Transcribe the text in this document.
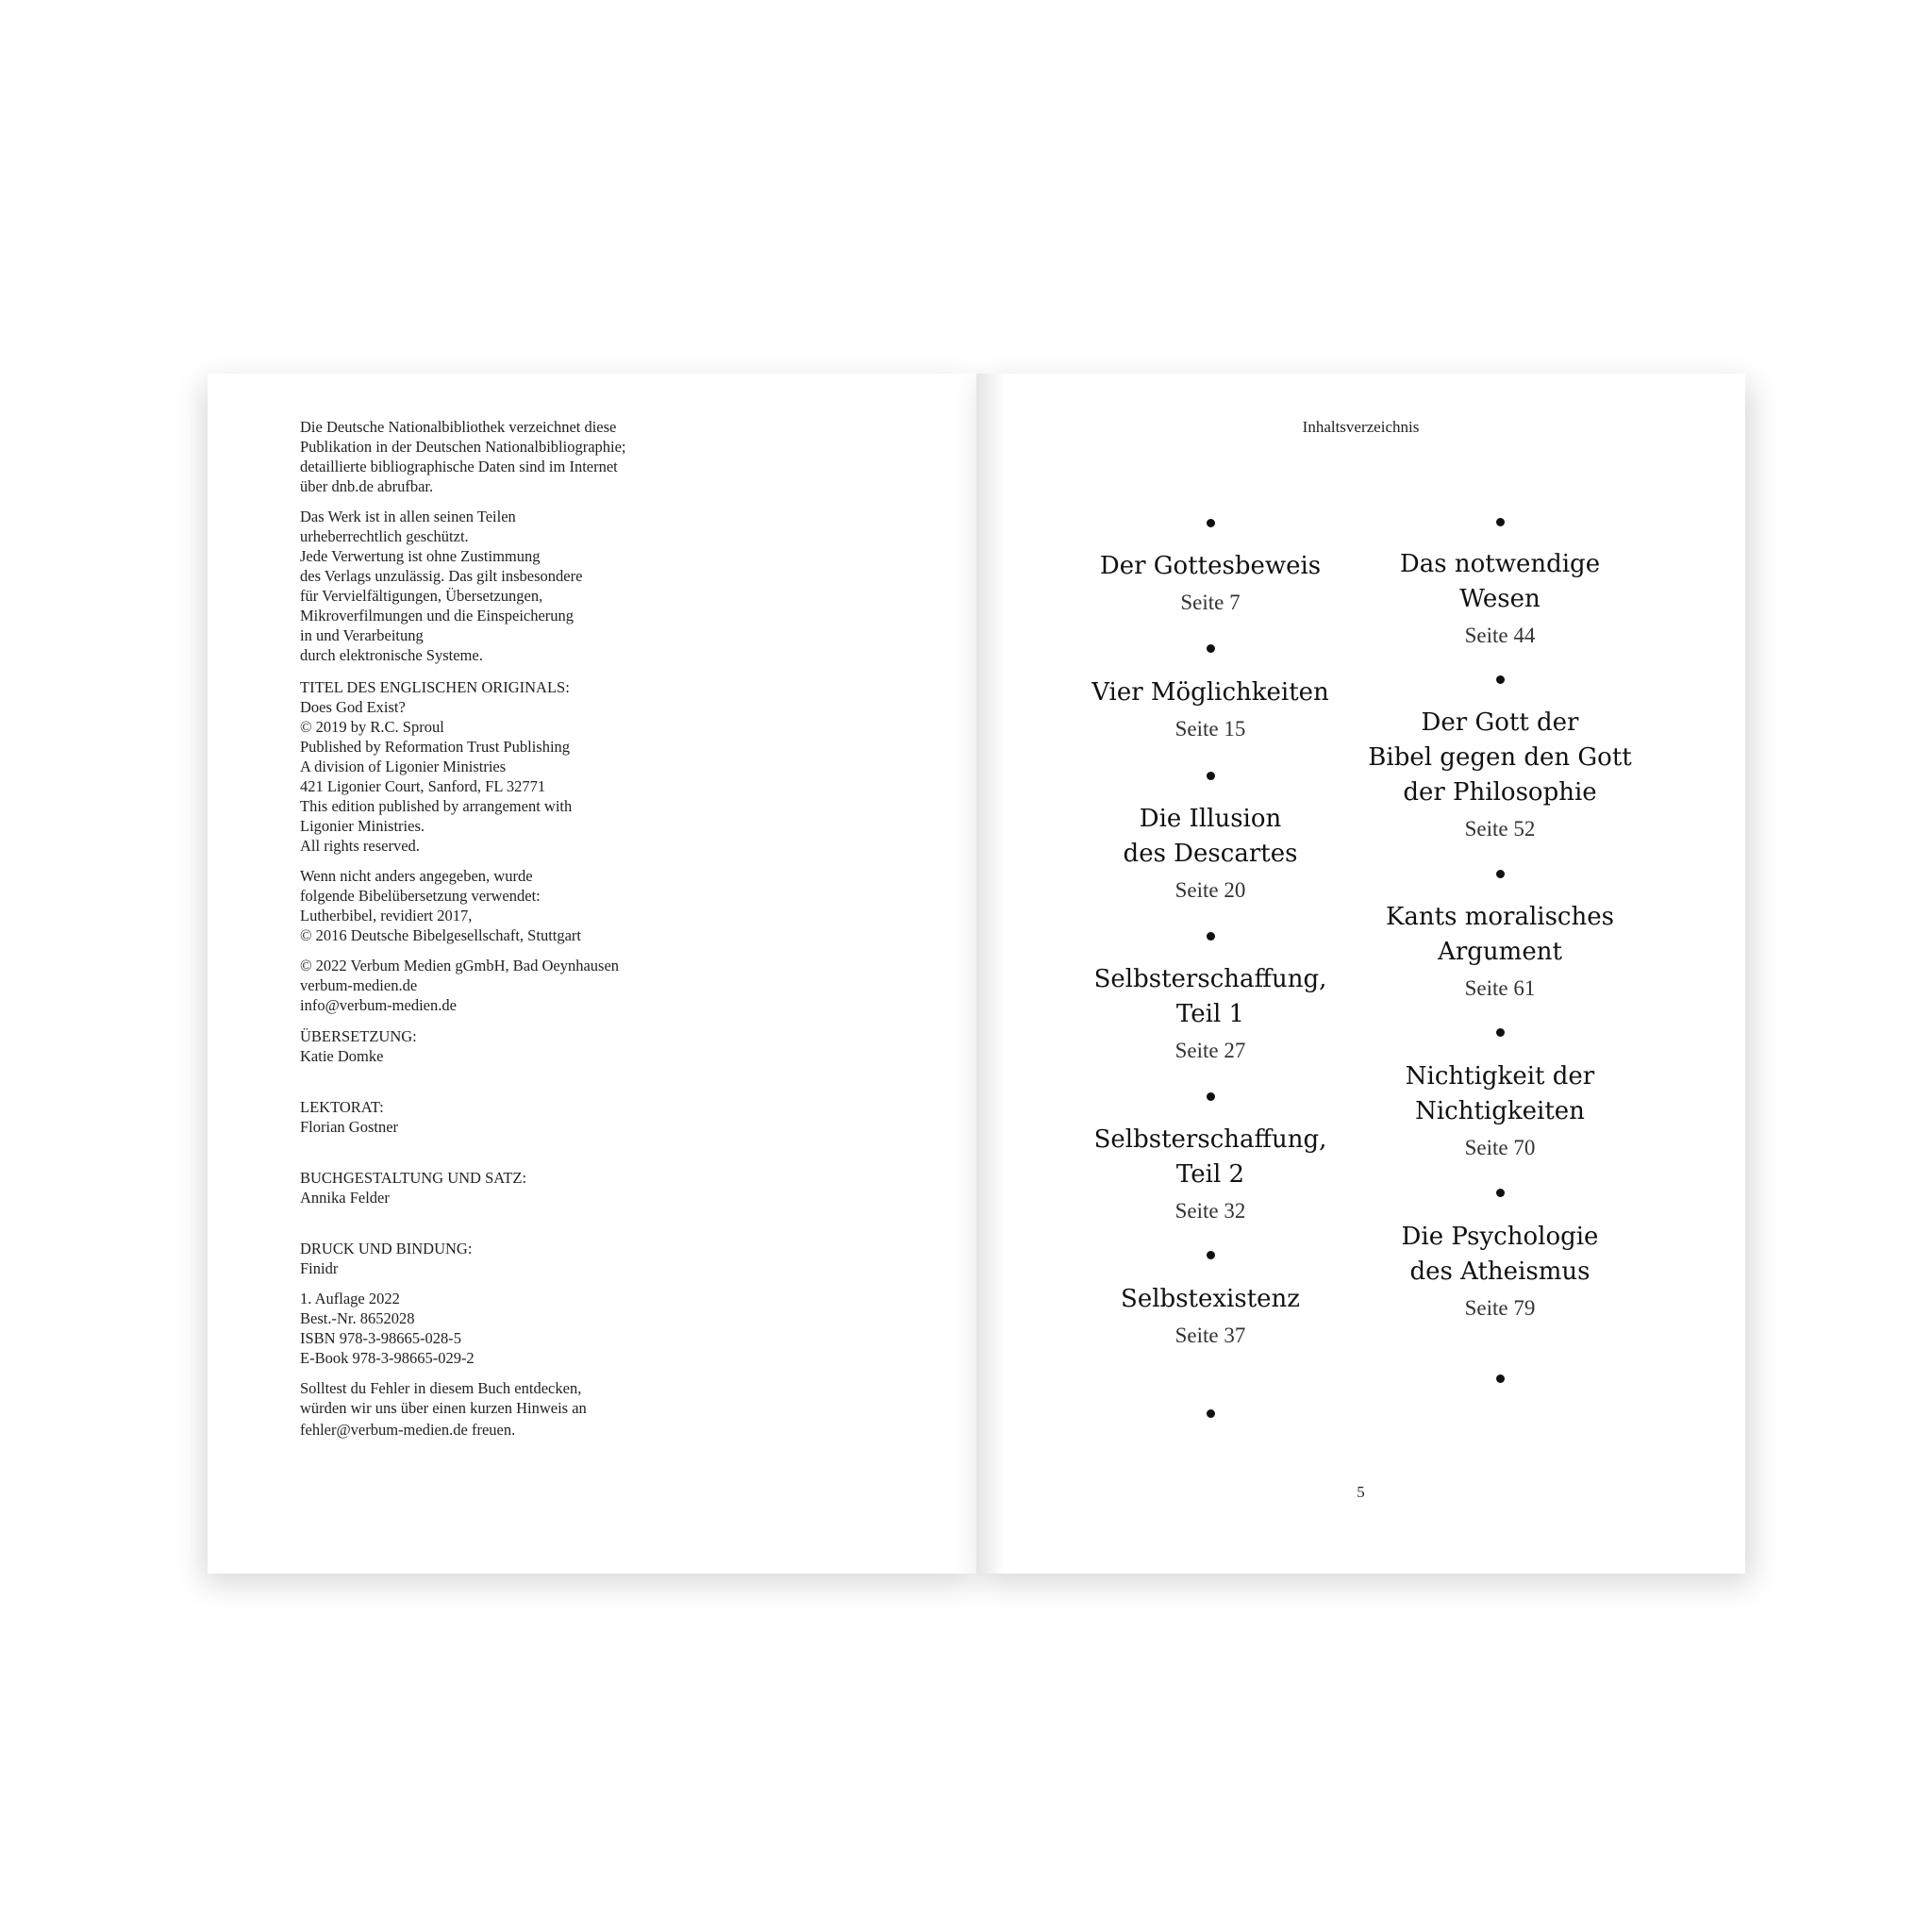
Die Deutsche Nationalbibliothek verzeichnet diese
Publikation in der Deutschen Nationalbibliographie;
detaillierte bibliographische Daten sind im Internet
über dnb.de abrufbar.

Das Werk ist in allen seinen Teilen
urheberrechtlich geschützt.
Jede Verwertung ist ohne Zustimmung
des Verlags unzulässig. Das gilt insbesondere
für Vervielfältigungen, Übersetzungen,
Mikroverfilmungen und die Einspeicherung
in und Verarbeitung
durch elektronische Systeme.

TITEL DES ENGLISCHEN ORIGINALS:
Does God Exist?
© 2019 by R.C. Sproul
Published by Reformation Trust Publishing
A division of Ligonier Ministries
421 Ligonier Court, Sanford, FL 32771
This edition published by arrangement with
Ligonier Ministries.
All rights reserved.

Wenn nicht anders angegeben, wurde
folgende Bibelübersetzung verwendet:
Lutherbibel, revidiert 2017,
© 2016 Deutsche Bibelgesellschaft, Stuttgart

© 2022 Verbum Medien gGmbH, Bad Oeynhausen
verbum-medien.de
info@verbum-medien.de

ÜBERSETZUNG:
Katie Domke

LEKTORAT:
Florian Gostner

BUCHGESTALTUNG UND SATZ:
Annika Felder

DRUCK UND BINDUNG:
Finidr

1. Auflage 2022
Best.-Nr. 8652028
ISBN 978-3-98665-028-5
E-Book 978-3-98665-029-2

Solltest du Fehler in diesem Buch entdecken,
würden wir uns über einen kurzen Hinweis an
fehler@verbum-medien.de freuen.

Inhaltsverzeichnis
Der Gottesbeweis
Seite 7
Vier Möglichkeiten
Seite 15
Die Illusion
des Descartes
Seite 20
Selbsterschaffung,
Teil 1
Seite 27
Selbsterschaffung,
Teil 2
Seite 32
Selbstexistenz
Seite 37
Das notwendige
Wesen
Seite 44
Der Gott der
Bibel gegen den Gott
der Philosophie
Seite 52
Kants moralisches
Argument
Seite 61
Nichtigkeit der
Nichtigkeiten
Seite 70
Die Psychologie
des Atheismus
Seite 79
5
